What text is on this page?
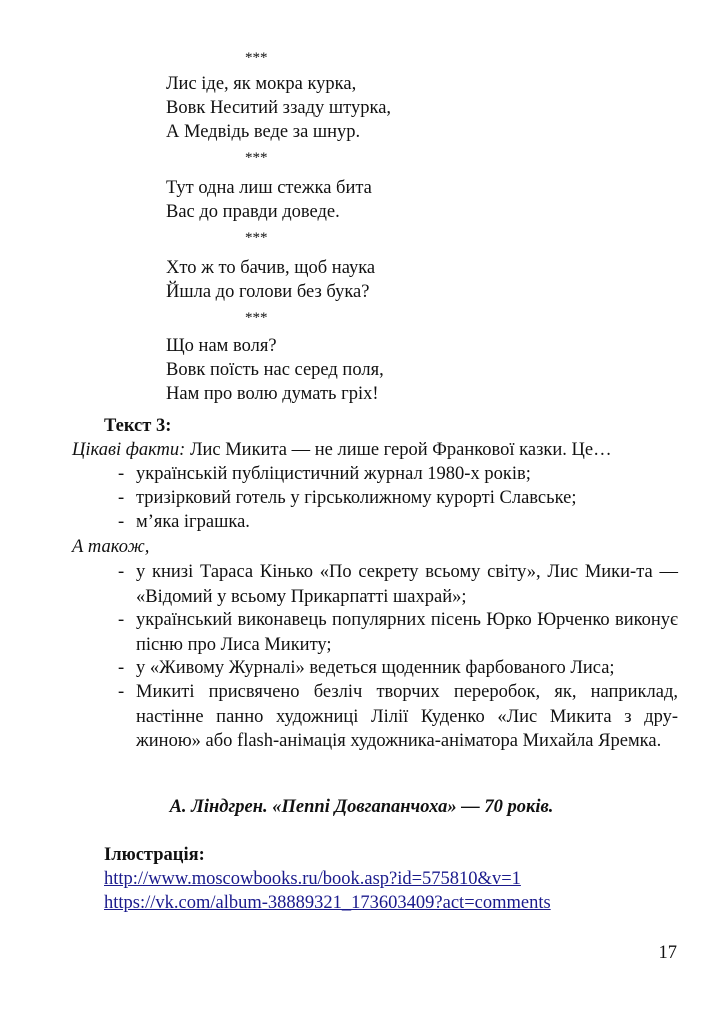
***
Лис іде, як мокра курка,
Вовк Неситий ззаду штурка,
А Медвідь веде за шнур.
***
Тут одна лиш стежка бита
Вас до правди доведе.
***
Хто ж то бачив, щоб наука
Йшла до голови без бука?
***
Що нам воля?
Вовк поїсть нас серед поля,
Нам про волю думать гріх!
Текст 3:
Цікаві факти: Лис Микита — не лише герой Франкової казки. Це…
- українській публіцистичний журнал 1980-х років;
- тризірковий готель у гірськолижному курорті Славське;
- м’яка іграшка.
А також,
- у книзі Тараса Кінько «По секрету всьому світу», Лис Мики-та — «Відомий у всьому Прикарпатті шахрай»;
- український виконавець популярних пісень Юрко Юрченко виконує пісню про Лиса Микиту;
- у «Живому Журналі» ведеться щоденник фарбованого Лиса;
- Микиті присвячено безліч творчих переробок, як, наприклад, настінне панно художниці Лілії Куденко «Лис Микита з дру-жиною» або flash-анімація художника-аніматора Михайла Яремка.
А. Ліндгрен. «Пеппі Довгапанчоха» — 70 років.
Ілюстрація:
http://www.moscowbooks.ru/book.asp?id=575810&v=1
https://vk.com/album-38889321_173603409?act=comments
17
